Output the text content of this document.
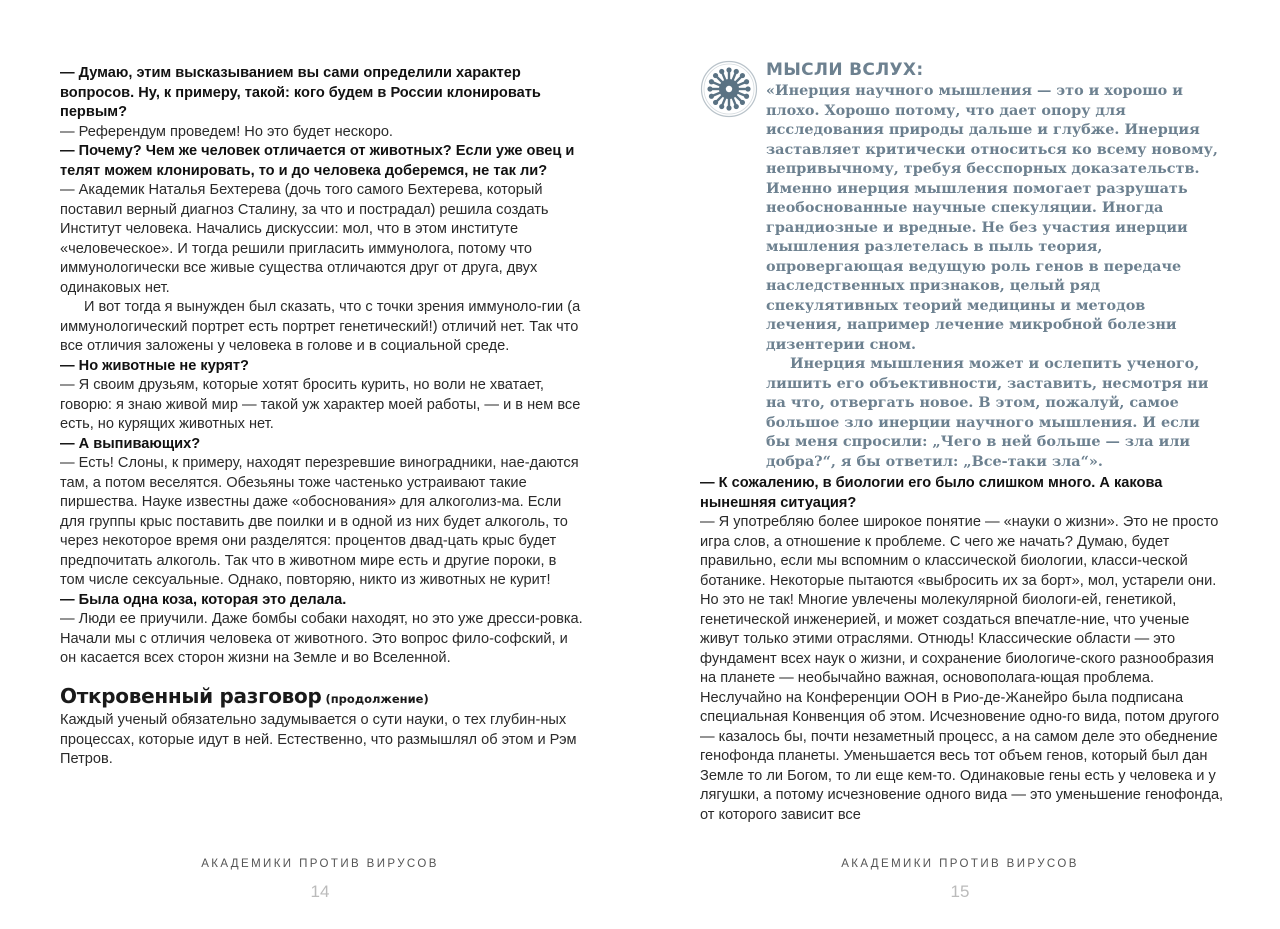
— Думаю, этим высказыванием вы сами определили характер вопросов. Ну, к примеру, такой: кого будем в России клонировать первым?

— Референдум проведем! Но это будет нескоро.

— Почему? Чем же человек отличается от животных? Если уже овец и телят можем клонировать, то и до человека доберемся, не так ли?

— Академик Наталья Бехтерева (дочь того самого Бехтерева, который поставил верный диагноз Сталину, за что и пострадал) решила создать Институт человека. Начались дискуссии: мол, что в этом институте «человеческое». И тогда решили пригласить иммунолога, потому что иммунологически все живые существа отличаются друг от друга, двух одинаковых нет.

И вот тогда я вынужден был сказать, что с точки зрения иммуноло-гии (а иммунологический портрет есть портрет генетический!) отличий нет. Так что все отличия заложены у человека в голове и в социальной среде.

— Но животные не курят?

— Я своим друзьям, которые хотят бросить курить, но воли не хватает, говорю: я знаю живой мир — такой уж характер моей работы, — и в нем все есть, но курящих животных нет.

— А выпивающих?

— Есть! Слоны, к примеру, находят перезревшие виноградники, нае-даются там, а потом веселятся. Обезьяны тоже частенько устраивают такие пиршества. Науке известны даже «обоснования» для алкоголиз-ма. Если для группы крыс поставить две поилки и в одной из них будет алкоголь, то через некоторое время они разделятся: процентов двад-цать крыс будет предпочитать алкоголь. Так что в животном мире есть и другие пороки, в том числе сексуальные. Однако, повторяю, никто из животных не курит!

— Была одна коза, которая это делала.

— Люди ее приучили. Даже бомбы собаки находят, но это уже дресси-ровка. Начали мы с отличия человека от животного. Это вопрос фило-софский, и он касается всех сторон жизни на Земле и во Вселенной.

Откровенный разговор (продолжение)

Каждый ученый обязательно задумывается о сути науки, о тех глубин-ных процессах, которые идут в ней. Естественно, что размышлял об этом и Рэм Петров.

АКАДЕМИКИ ПРОТИВ ВИРУСОВ
14
МЫСЛИ ВСЛУХ:

«Инерция научного мышления — это и хорошо и плохо. Хорошо потому, что дает опору для исследования природы дальше и глубже. Инерция заставляет критически относиться ко всему новому, непривычному, требуя бесспорных доказательств. Именно инерция мышления помогает разрушать необоснованные научные спекуляции. Иногда грандиозные и вредные. Не без участия инерции мышления разлетелась в пыль теория, опровергающая ведущую роль генов в передаче наследственных признаков, целый ряд спекулятивных теорий медицины и методов лечения, например лечение микробной болезни дизентерии сном.

Инерция мышления может и ослепить ученого, лишить его объективности, заставить, несмотря ни на что, отвергать новое. В этом, пожалуй, самое большое зло инерции научного мышления. И если бы меня спросили: „Чего в ней больше — зла или добра?“, я бы ответил: „Все-таки зла“».

— К сожалению, в биологии его было слишком много. А какова нынешняя ситуация?

— Я употребляю более широкое понятие — «науки о жизни». Это не просто игра слов, а отношение к проблеме. С чего же начать? Думаю, будет правильно, если мы вспомним о классической биологии, класси-ческой ботанике. Некоторые пытаются «выбросить их за борт», мол, устарели они. Но это не так! Многие увлечены молекулярной биологи-ей, генетикой, генетической инженерией, и может создаться впечатле-ние, что ученые живут только этими отраслями. Отнюдь! Классические области — это фундамент всех наук о жизни, и сохранение биологиче-ского разнообразия на планете — необычайно важная, основополага-ющая проблема. Неслучайно на Конференции ООН в Рио-де-Жанейро была подписана специальная Конвенция об этом. Исчезновение одно-го вида, потом другого — казалось бы, почти незаметный процесс, а на самом деле это обеднение генофонда планеты. Уменьшается весь тот объем генов, который был дан Земле то ли Богом, то ли еще кем-то. Одинаковые гены есть у человека и у лягушки, а потому исчезновение одного вида — это уменьшение генофонда, от которого зависит все

АКАДЕМИКИ ПРОТИВ ВИРУСОВ
15
